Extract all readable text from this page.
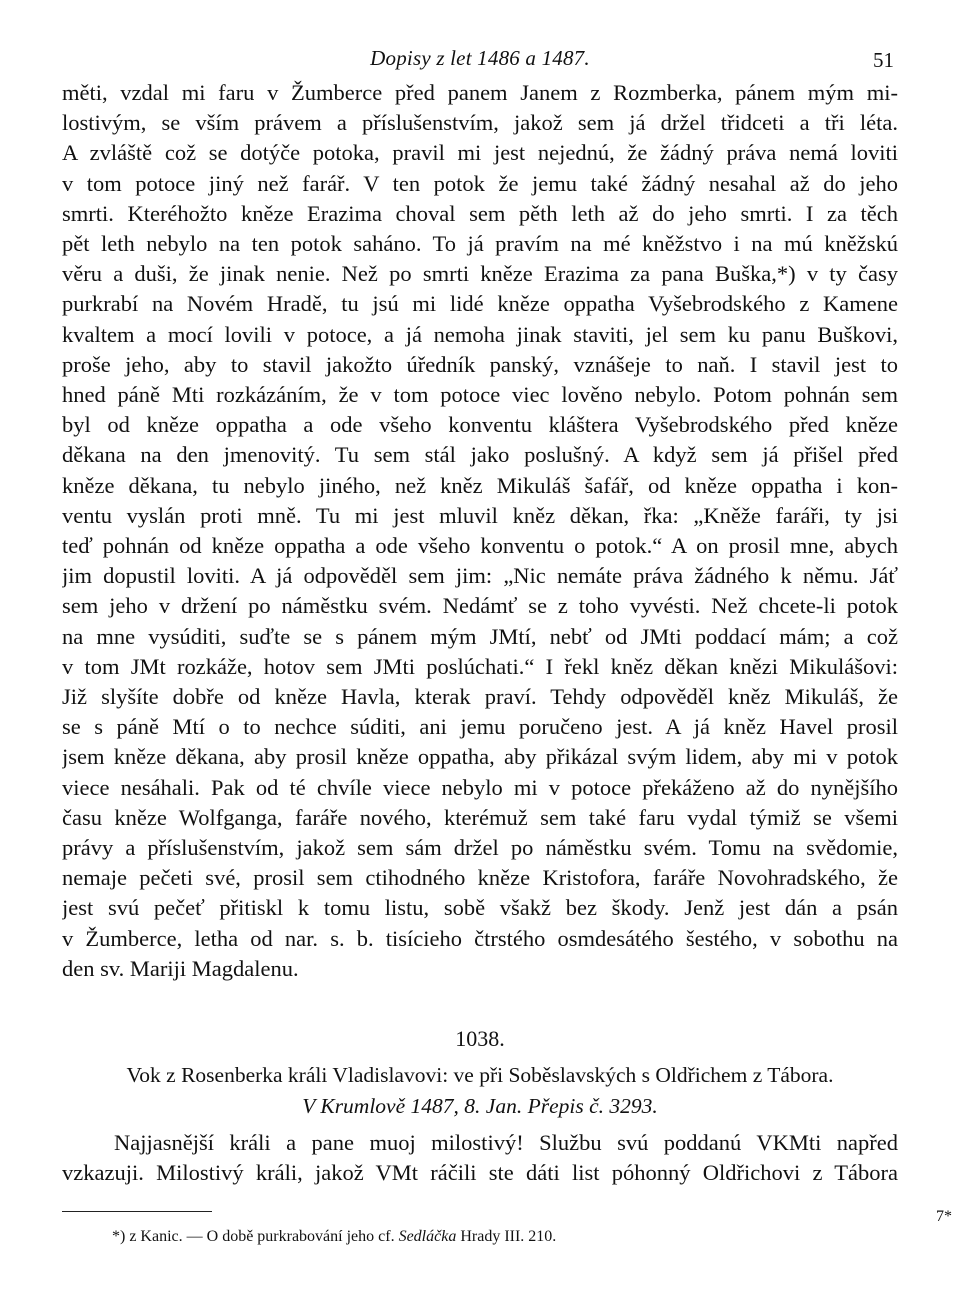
Dopisy z let 1486 a 1487.	51
měti, vzdal mi faru v Žumberce před panem Janem z Rozmberka, pánem mým mi-
lostivým, se vším právem a příslušenstvím, jakož sem já držel třidceti a tři léta.
A zvláště což se dotýče potoka, pravil mi jest nejednú, že žádný práva nemá loviti
v tom potoce jiný než farář. V ten potok že jemu také žádný nesahal až do jeho
smrti. Kteréhožto kněze Erazima choval sem pěth leth až do jeho smrti. I za těch
pět leth nebylo na ten potok saháno. To já pravím na mé kněžstvo i na mú kněžskú
věru a duši, že jinak nenie. Než po smrti kněze Erazima za pana Buška,*) v ty časy
purkrabí na Novém Hradě, tu jsú mi lidé kněze oppatha Vyšebrodského z Kamene
kvaltem a mocí lovili v potoce, a já nemoha jinak staviti, jel sem ku panu Buškovi,
proše jeho, aby to stavil jakožto úředník panský, vznášeje to naň. I stavil jest to
hned páně Mti rozkázáním, že v tom potoce viec lověno nebylo. Potom pohnán sem
byl od kněze oppatha a ode všeho konventu kláštera Vyšebrodského před kněze
děkana na den jmenovitý. Tu sem stál jako poslušný. A když sem já přišel před
kněze děkana, tu nebylo jiného, než kněz Mikuláš šafář, od kněze oppatha i kon-
ventu vyslán proti mně. Tu mi jest mluvil kněz děkan, řka: „Kněže faráři, ty jsi
teď pohnán od kněze oppatha a ode všeho konventu o potok.“ A on prosil mne, abych
jim dopustil loviti. A já odpověděl sem jim: „Nic nemáte práva žádného k němu. Jáť
sem jeho v držení po náměstku svém. Nedámť se z toho vyvésti. Než chcete-li potok
na mne vysúditi, suďte se s pánem mým JMtí, nebť od JMti poddací mám; a což
v tom JMt rozkáže, hotov sem JMti poslúchati.“ I řekl kněz děkan knězi Mikulášovi:
Již slyšíte dobře od kněze Havla, kterak praví. Tehdy odpověděl kněz Mikuláš, že
se s páně Mtí o to nechce súditi, ani jemu poručeno jest. A já kněz Havel prosil
jsem kněze děkana, aby prosil kněze oppatha, aby přikázal svým lidem, aby mi v potok
viece nesáhali. Pak od té chvíle viece nebylo mi v potoce překáženo až do nynějšího
času kněze Wolfganga, faráře nového, kterémuž sem také faru vydal týmiž se všemi
právy a příslušenstvím, jakož sem sám držel po náměstku svém. Tomu na svědomie,
nemaje pečeti své, prosil sem ctihodného kněze Kristofora, faráře Novohradského, že
jest svú pečeť přitiskl k tomu listu, sobě všakž bez škody. Jenž jest dán a psán
v Žumberce, letha od nar. s. b. tisícieho čtrstého osmdesátého šestého, v sobothu na
den sv. Mariji Magdalenu.
1038.
Vok z Rosenberka králi Vladislavovi: ve při Soběslavských s Oldřichem z Tábora.
V Krumlově 1487, 8. Jan. Přepis č. 3293.
Najjasnější králi a pane muoj milostivý! Službu svú poddanú VKMti napřed
vzkazuji. Milostivý králi, jakož VMt ráčili ste dáti list póhonný Oldřichovi z Tábora
*) z Kanic. — O době purkrabování jeho cf. Sedláčka Hrady III. 210.
7*
